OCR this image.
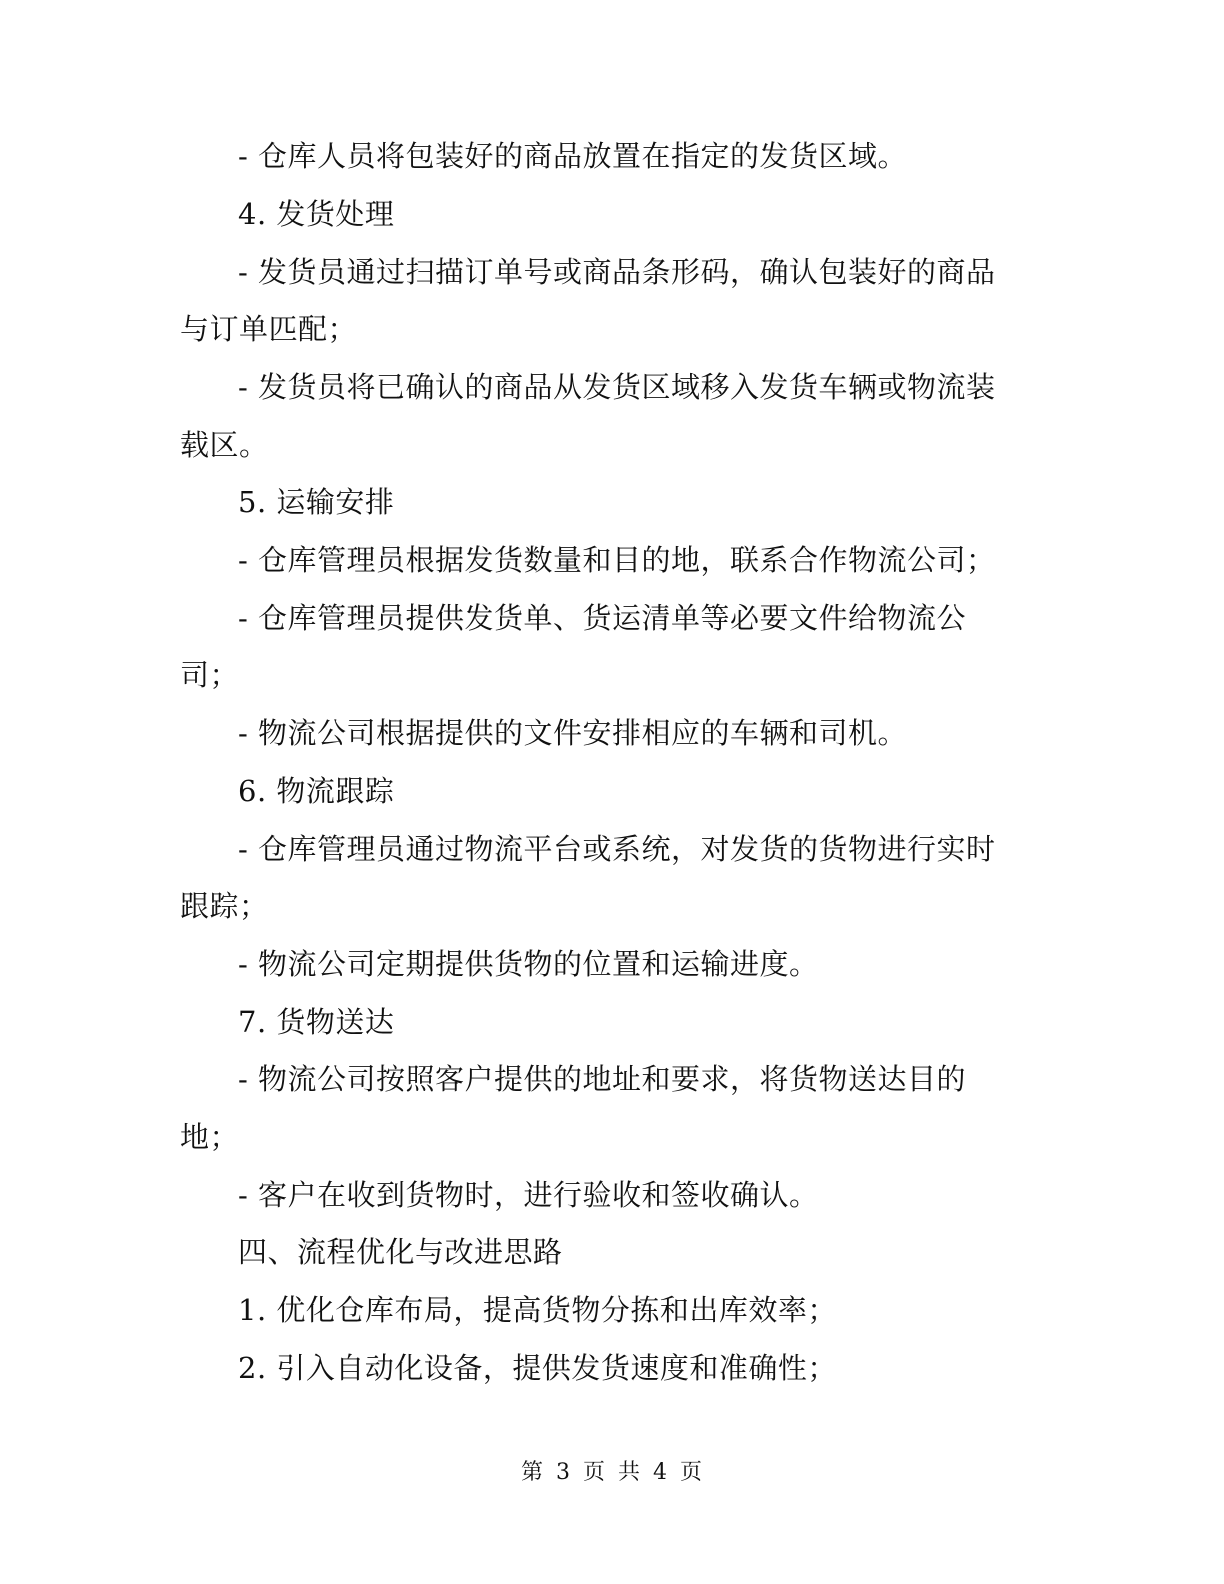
- 仓库人员将包装好的商品放置在指定的发货区域。
4. 发货处理
- 发货员通过扫描订单号或商品条形码，确认包装好的商品
与订单匹配；
- 发货员将已确认的商品从发货区域移入发货车辆或物流装
载区。
5. 运输安排
- 仓库管理员根据发货数量和目的地，联系合作物流公司；
- 仓库管理员提供发货单、货运清单等必要文件给物流公
司；
- 物流公司根据提供的文件安排相应的车辆和司机。
6. 物流跟踪
- 仓库管理员通过物流平台或系统，对发货的货物进行实时
跟踪；
- 物流公司定期提供货物的位置和运输进度。
7. 货物送达
- 物流公司按照客户提供的地址和要求，将货物送达目的
地；
- 客户在收到货物时，进行验收和签收确认。
四、流程优化与改进思路
1. 优化仓库布局，提高货物分拣和出库效率；
2. 引入自动化设备，提供发货速度和准确性；
第 3 页 共 4 页
